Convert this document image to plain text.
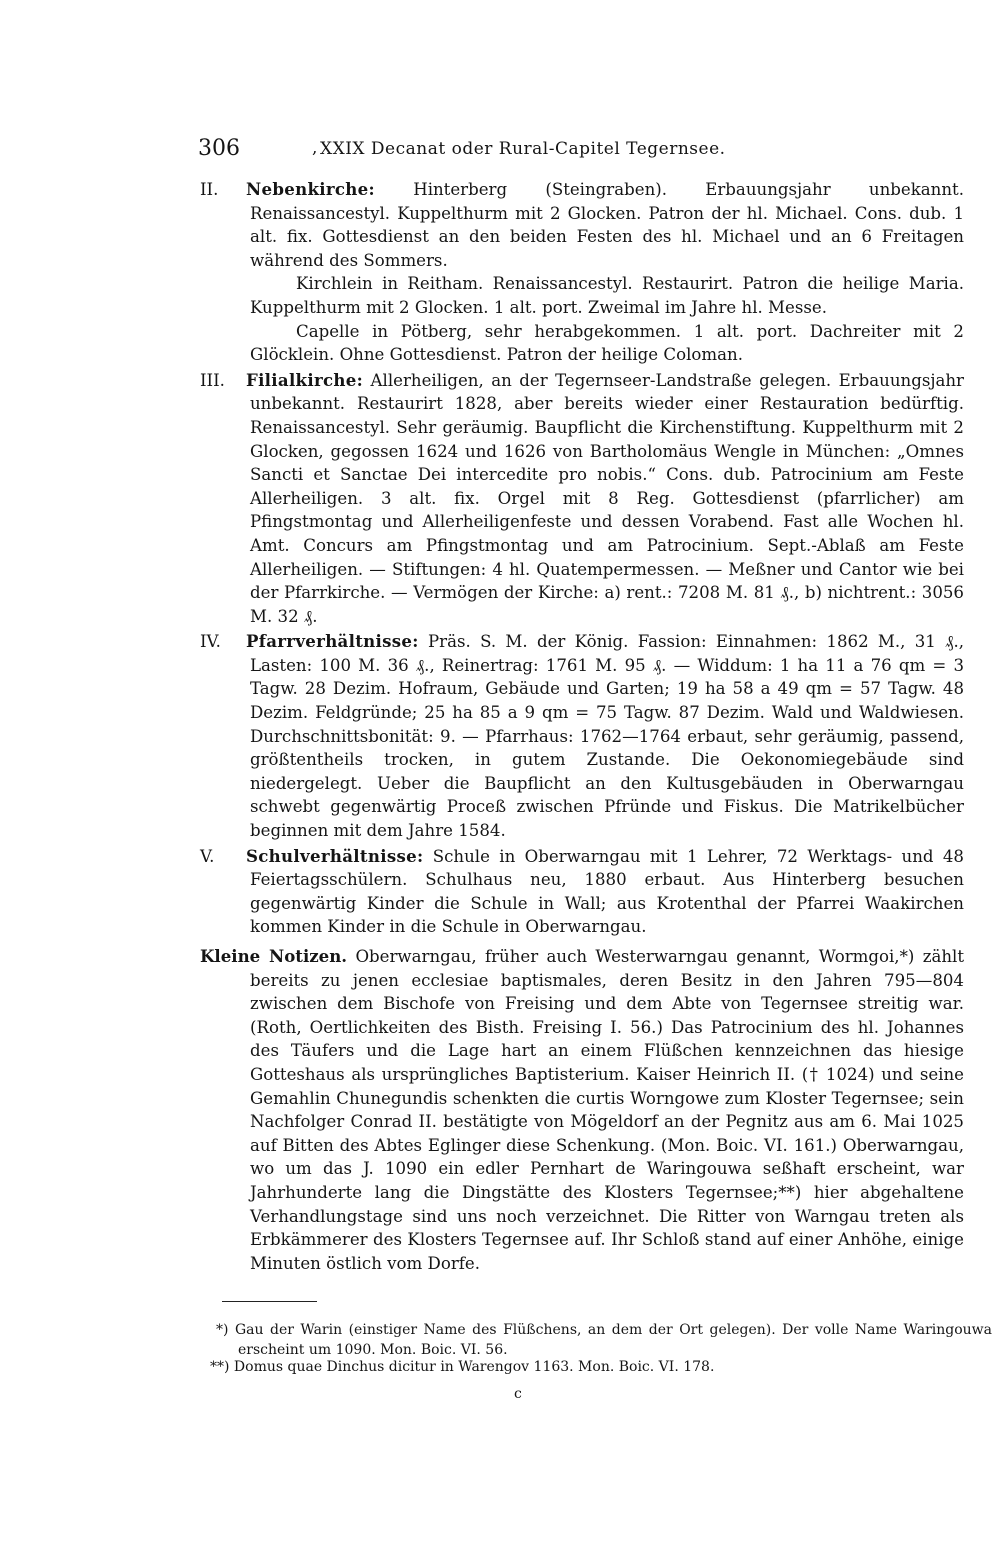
306	, XXIX Decanat oder Rural-Capitel Tegernsee.

II. Nebenkirche: Hinterberg (Steingraben). Erbauungsjahr unbekannt. Renaissancestyl. Kuppelthurm mit 2 Glocken. Patron der hl. Michael. Cons. dub. 1 alt. fix. Gottesdienst an den beiden Festen des hl. Michael und an 6 Freitagen während des Sommers.

Kirchlein in Reitham. Renaissancestyl. Restaurirt. Patron die heilige Maria. Kuppelthurm mit 2 Glocken. 1 alt. port. Zweimal im Jahre hl. Messe.

Capelle in Pötberg, sehr herabgekommen. 1 alt. port. Dachreiter mit 2 Glöcklein. Ohne Gottesdienst. Patron der heilige Coloman.

III. Filialkirche: Allerheiligen, an der Tegernseer-Landstraße gelegen. Erbauungsjahr unbekannt. Restaurirt 1828, aber bereits wieder einer Restauration bedürftig. Renaissancestyl. Sehr geräumig. Baupflicht die Kirchenstiftung. Kuppelthurm mit 2 Glocken, gegossen 1624 und 1626 von Bartholomäus Wengle in München: „Omnes Sancti et Sanctae Dei intercedite pro nobis.“ Cons. dub. Patrocinium am Feste Allerheiligen. 3 alt. fix. Orgel mit 8 Reg. Gottesdienst (pfarrlicher) am Pfingstmontag und Allerheiligenfeste und dessen Vorabend. Fast alle Wochen hl. Amt. Concurs am Pfingstmontag und am Patrocinium. Sept.-Ablaß am Feste Allerheiligen. — Stiftungen: 4 hl. Quatempermessen. — Meßner und Cantor wie bei der Pfarrkirche. — Vermögen der Kirche: a) rent.: 7208 M. 81 ₰., b) nichtrent.: 3056 M. 32 ₰.

IV. Pfarrverhältnisse: Präs. S. M. der König. Fassion: Einnahmen: 1862 M., 31 ₰., Lasten: 100 M. 36 ₰., Reinertrag: 1761 M. 95 ₰. — Widdum: 1 ha 11 a 76 qm = 3 Tagw. 28 Dezim. Hofraum, Gebäude und Garten; 19 ha 58 a 49 qm = 57 Tagw. 48 Dezim. Feldgründe; 25 ha 85 a 9 qm = 75 Tagw. 87 Dezim. Wald und Waldwiesen. Durchschnittsbonität: 9. — Pfarrhaus: 1762—1764 erbaut, sehr geräumig, passend, größtentheils trocken, in gutem Zustande. Die Oekonomiegebäude sind niedergelegt. Ueber die Baupflicht an den Kultusgebäuden in Oberwarngau schwebt gegenwärtig Proceß zwischen Pfründe und Fiskus. Die Matrikelbücher beginnen mit dem Jahre 1584.

V. Schulverhältnisse: Schule in Oberwarngau mit 1 Lehrer, 72 Werktags- und 48 Feiertagsschülern. Schulhaus neu, 1880 erbaut. Aus Hinterberg besuchen gegenwärtig Kinder die Schule in Wall; aus Krotenthal der Pfarrei Waakirchen kommen Kinder in die Schule in Oberwarngau.

Kleine Notizen. Oberwarngau, früher auch Westerwarngau genannt, Wormgoi,*) zählt bereits zu jenen ecclesiae baptismales, deren Besitz in den Jahren 795—804 zwischen dem Bischofe von Freising und dem Abte von Tegernsee streitig war. (Roth, Oertlichkeiten des Bisth. Freising I. 56.) Das Patrocinium des hl. Johannes des Täufers und die Lage hart an einem Flüßchen kennzeichnen das hiesige Gotteshaus als ursprüngliches Baptisterium. Kaiser Heinrich II. († 1024) und seine Gemahlin Chunegundis schenkten die curtis Worngowe zum Kloster Tegernsee; sein Nachfolger Conrad II. bestätigte von Mögeldorf an der Pegnitz aus am 6. Mai 1025 auf Bitten des Abtes Eglinger diese Schenkung. (Mon. Boic. VI. 161.) Oberwarngau, wo um das J. 1090 ein edler Pernhart de Waringouwa seßhaft erscheint, war Jahrhunderte lang die Dingstätte des Klosters Tegernsee;**) hier abgehaltene Verhandlungstage sind uns noch verzeichnet. Die Ritter von Warngau treten als Erbkämmerer des Klosters Tegernsee auf. Ihr Schloß stand auf einer Anhöhe, einige Minuten östlich vom Dorfe.

*) Gau der Warin (einstiger Name des Flüßchens, an dem der Ort gelegen). Der volle Name Waringouwa erscheint um 1090. Mon. Boic. VI. 56.
**) Domus quae Dinchus dicitur in Warengov 1163. Mon. Boic. VI. 178.
c
